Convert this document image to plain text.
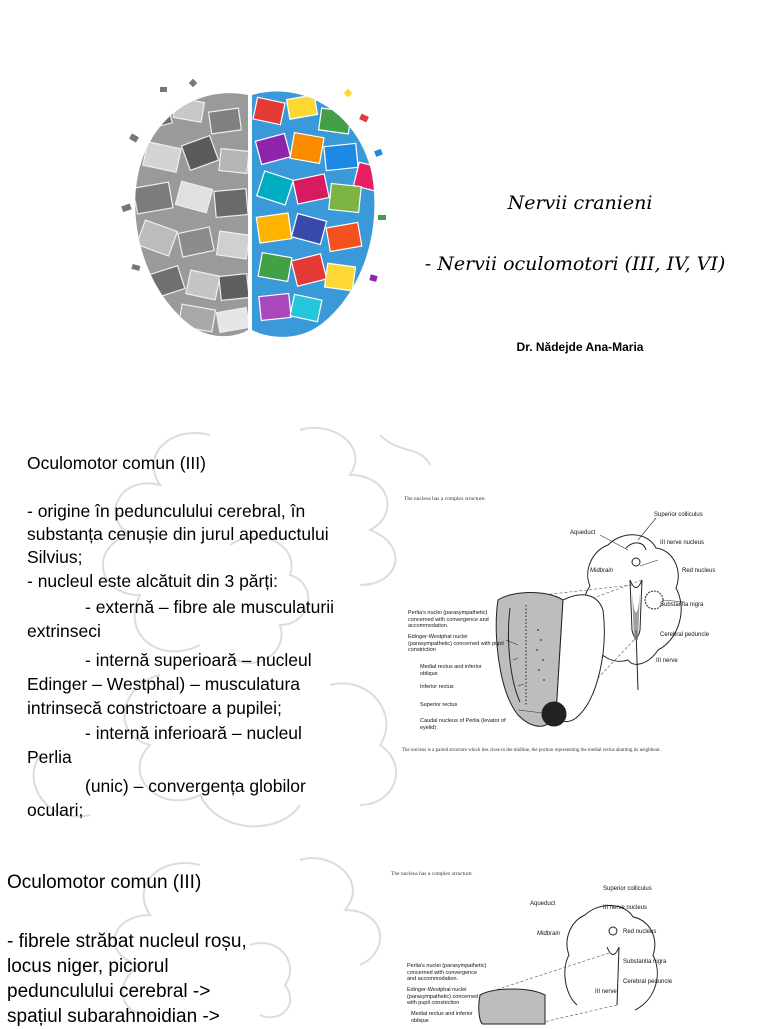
Nervii cranieni
- Nervii oculomotori (III, IV, VI)
Dr. Nădejde Ana-Maria
Oculomotor comun (III)
- origine în pedunculului cerebral, în
substanța cenușie din jurul apeductului
Silvius;
- nucleul este alcătuit din 3 părți:
- externă – fibre ale musculaturii
extrinseci
- internă superioară – nucleul
Edinger – Westphal) – musculatura
intrinsecă constrictoare a pupilei;
- internă inferioară – nucleul
Perlia
(unic) – convergența globilor
oculari;
The nucleus has a complex structure:
Superior colliculus
Aqueduct
III nerve nucleus
Red nucleus
Midbrain
Substantia nigra
Cerebral peduncle
III nerve
Perlia's nuclei (parasympathetic) concerned with convergence and accommodation.
Edinger-Westphal nuclei (parasympathetic) concerned with pupil constriction
Medial rectus and inferior oblique
Inferior rectus
Superior rectus
Caudal nucleus of Perlia (levator of eyelid)
The nucleus is a paired structure which lies close to the midline, the portion representing the medial rectus abutting its neighbour.
Oculomotor comun (III)
- fibrele străbat nucleul roșu,
locus niger, piciorul
pedunculului cerebral ->
spațiul subarahnoidian ->
The nucleus has a complex structure:
Superior colliculus
Aqueduct
III nerve nucleus
Red nucleus
Midbrain
Substantia nigra
Cerebral peduncle
III nerve
Perlia's nuclei (parasympathetic) concerned with convergence and accommodation.
Edinger-Westphal nuclei (parasympathetic) concerned with pupil constriction
Medial rectus and inferior oblique
